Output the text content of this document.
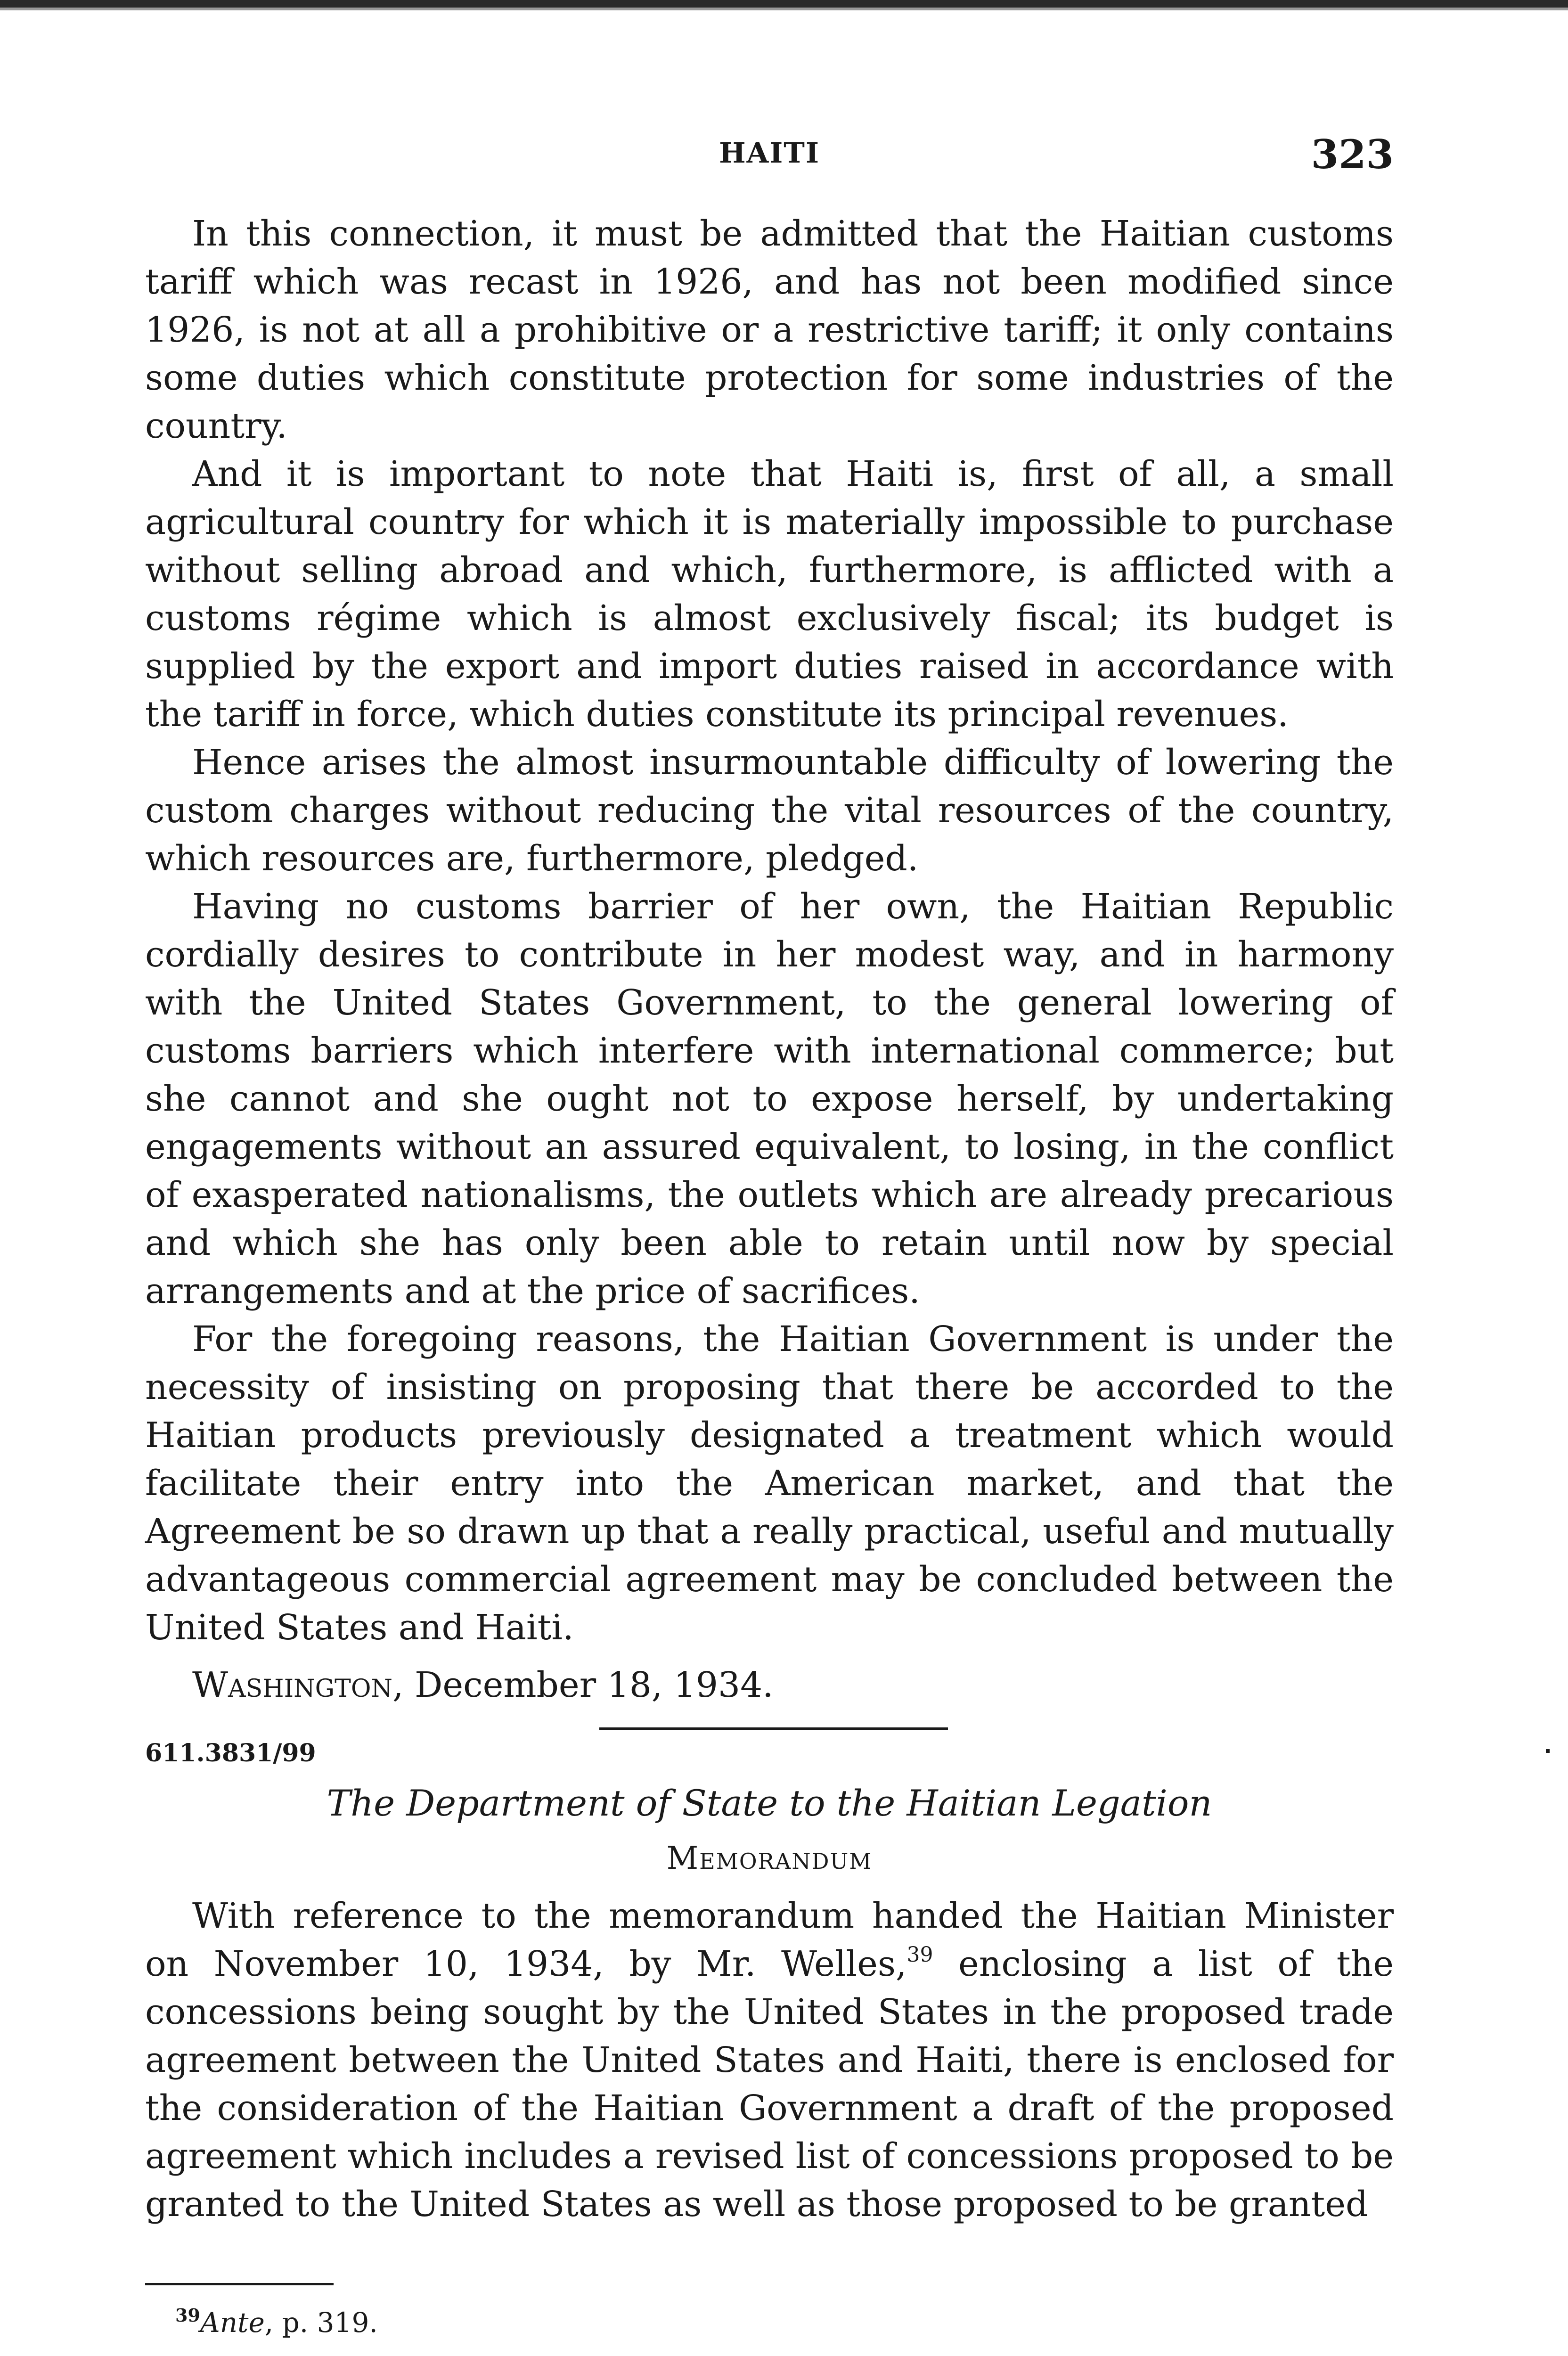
HAITI	323

In this connection, it must be admitted that the Haitian customs tariff which was recast in 1926, and has not been modified since 1926, is not at all a prohibitive or a restrictive tariff; it only contains some duties which constitute protection for some industries of the country.

And it is important to note that Haiti is, first of all, a small agricultural country for which it is materially impossible to purchase without selling abroad and which, furthermore, is afflicted with a customs régime which is almost exclusively fiscal; its budget is supplied by the export and import duties raised in accordance with the tariff in force, which duties constitute its principal revenues.

Hence arises the almost insurmountable difficulty of lowering the custom charges without reducing the vital resources of the country, which resources are, furthermore, pledged.

Having no customs barrier of her own, the Haitian Republic cordially desires to contribute in her modest way, and in harmony with the United States Government, to the general lowering of customs barriers which interfere with international commerce; but she cannot and she ought not to expose herself, by undertaking engagements without an assured equivalent, to losing, in the conflict of exasperated nationalisms, the outlets which are already precarious and which she has only been able to retain until now by special arrangements and at the price of sacrifices.

For the foregoing reasons, the Haitian Government is under the necessity of insisting on proposing that there be accorded to the Haitian products previously designated a treatment which would facilitate their entry into the American market, and that the Agreement be so drawn up that a really practical, useful and mutually advantageous commercial agreement may be concluded between the United States and Haiti.

Washington, December 18, 1934.

611.3831/99
The Department of State to the Haitian Legation
Memorandum

With reference to the memorandum handed the Haitian Minister on November 10, 1934, by Mr. Welles,$^{39}$ enclosing a list of the concessions being sought by the United States in the proposed trade agreement between the United States and Haiti, there is enclosed for the consideration of the Haitian Government a draft of the proposed agreement which includes a revised list of concessions proposed to be granted to the United States as well as those proposed to be granted

$^{39}$Ante, p. 319.
